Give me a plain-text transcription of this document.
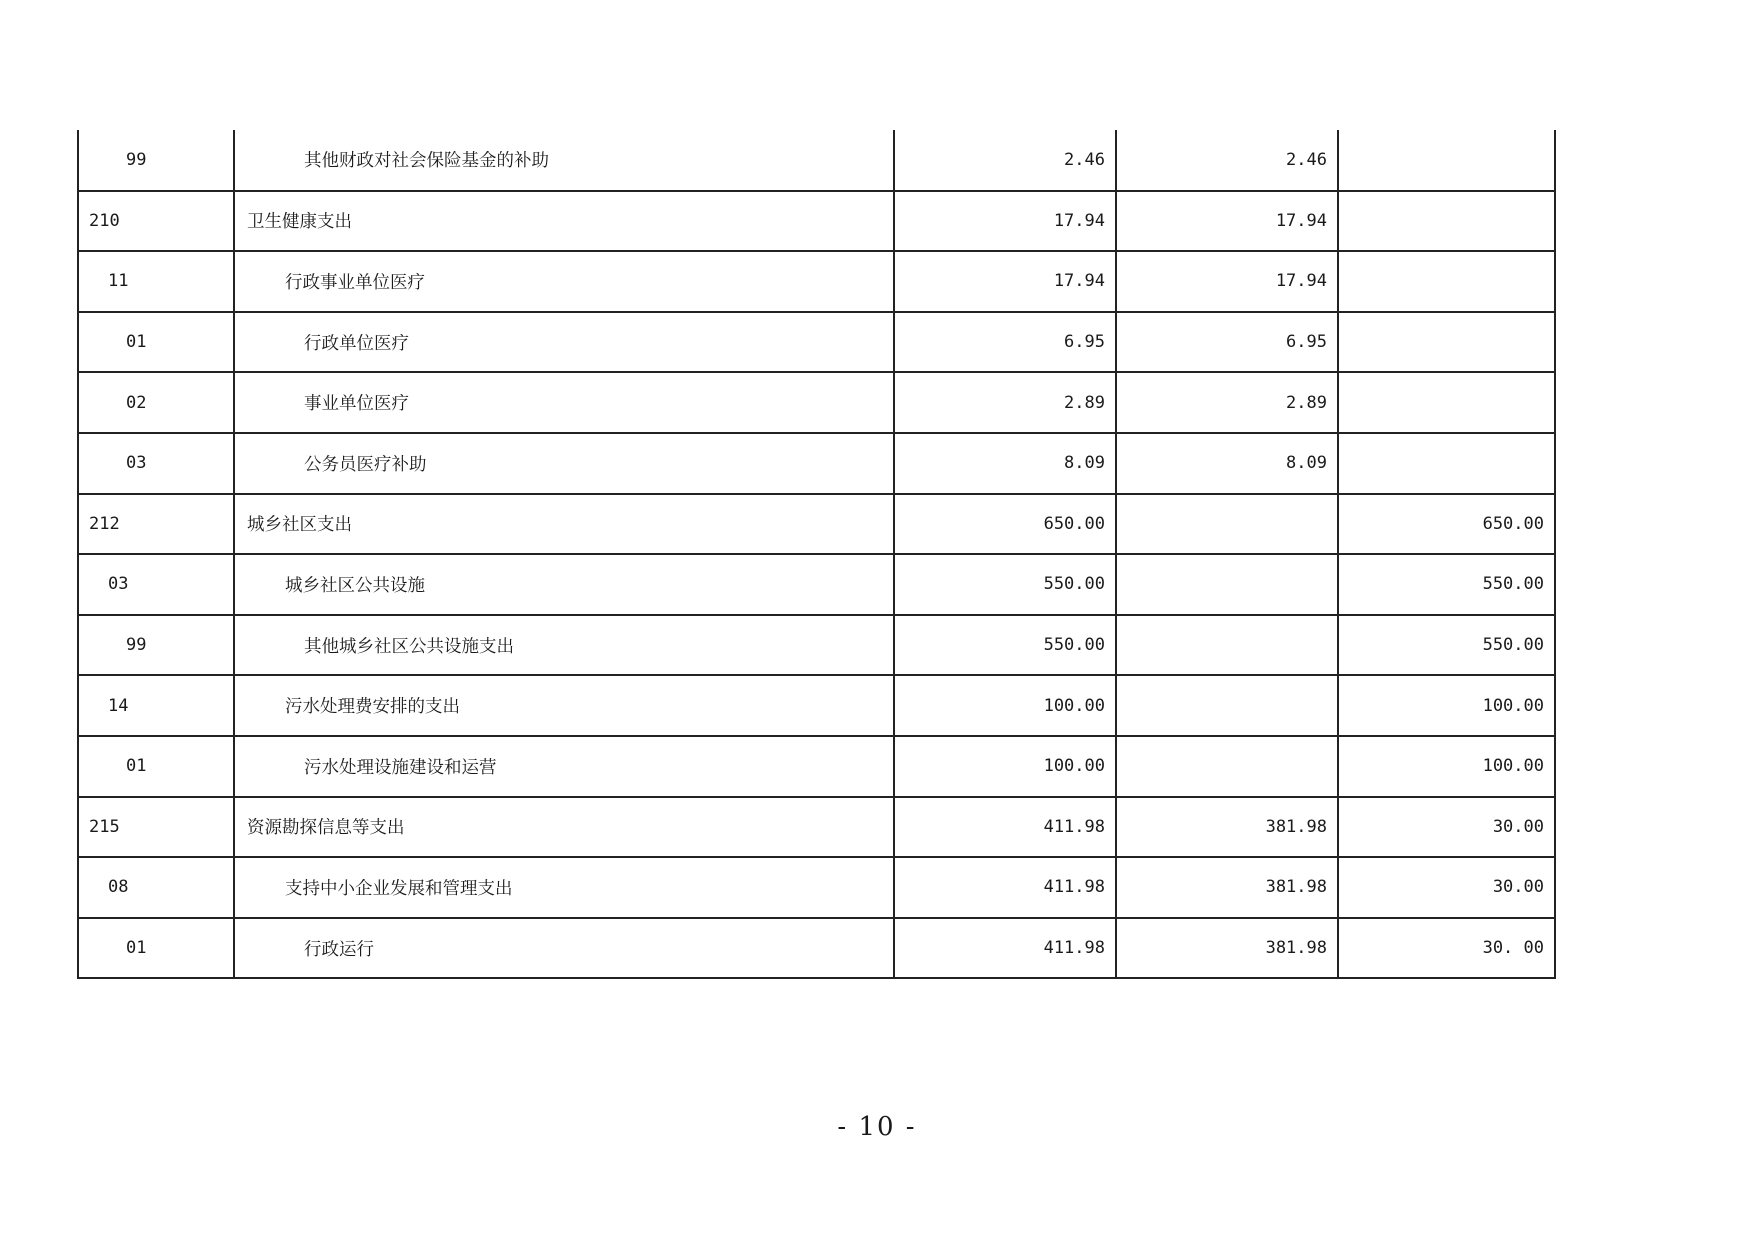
99	其他财政对社会保险基金的补助	2.46	2.46	
210	卫生健康支出	17.94	17.94	
11	行政事业单位医疗	17.94	17.94	
01	行政单位医疗	6.95	6.95	
02	事业单位医疗	2.89	2.89	
03	公务员医疗补助	8.09	8.09	
212	城乡社区支出	650.00		650.00
03	城乡社区公共设施	550.00		550.00
99	其他城乡社区公共设施支出	550.00		550.00
14	污水处理费安排的支出	100.00		100.00
01	污水处理设施建设和运营	100.00		100.00
215	资源勘探信息等支出	411.98	381.98	30.00
08	支持中小企业发展和管理支出	411.98	381.98	30.00
01	行政运行	411.98	381.98	30. 00
- 10 -
